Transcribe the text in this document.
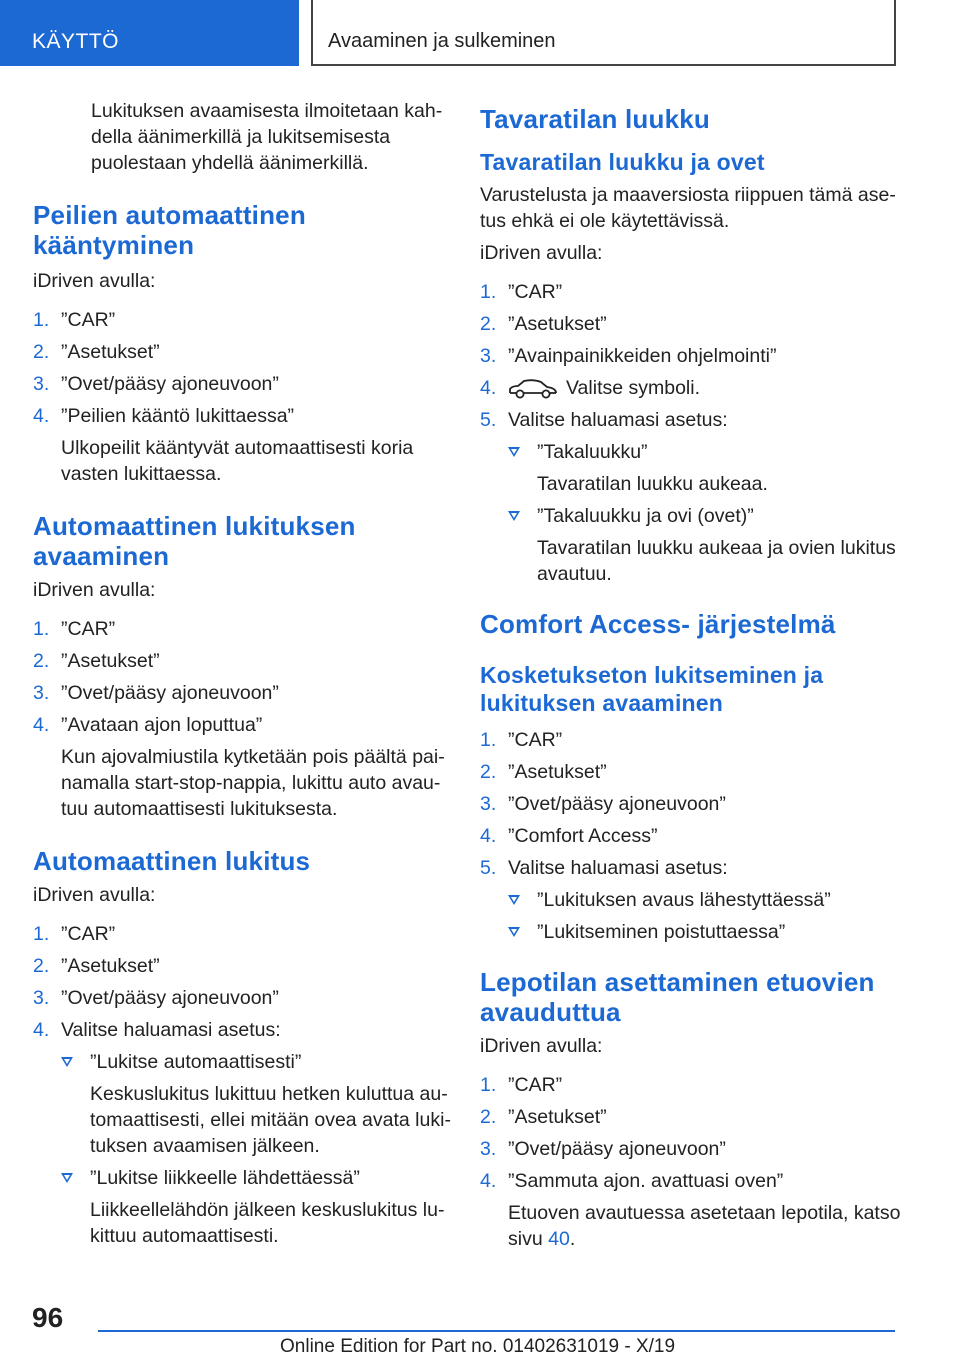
KÄYTTÖ	Avaaminen ja sulkeminen

Lukituksen avaamisesta ilmoitetaan kahdella äänimerkillä ja lukitsemisesta puolestaan yhdellä äänimerkillä.

Peilien automaattinen kääntyminen

iDriven avulla:

1. ”CAR”
2. ”Asetukset”
3. ”Ovet/pääsy ajoneuvoon”
4. ”Peilien kääntö lukittaessa”
Ulkopeilit kääntyvät automaattisesti koria vasten lukittaessa.
Automaattinen lukituksen avaaminen

iDriven avulla:

1. ”CAR”
2. ”Asetukset”
3. ”Ovet/pääsy ajoneuvoon”
4. ”Avataan ajon loputtua”
Kun ajovalmiustila kytketään pois päältä painamalla start-stop-nappia, lukittu auto avautuu automaattisesti lukituksesta.
Automaattinen lukitus

iDriven avulla:

1. ”CAR”
2. ”Asetukset”
3. ”Ovet/pääsy ajoneuvoon”
4. Valitse haluamasi asetus:
”Lukitse automaattisesti”
Keskuslukitus lukittuu hetken kuluttua automaattisesti, ellei mitään ovea avata lukituksen avaamisen jälkeen.
”Lukitse liikkeelle lähdettäessä”
Liikkeellelähdön jälkeen keskuslukitus lukittuu automaattisesti.
Tavaratilan luukku
Tavaratilan luukku ja ovet

Varustelusta ja maaversiosta riippuen tämä asetus ehkä ei ole käytettävissä.

iDriven avulla:

1. ”CAR”
2. ”Asetukset”
3. ”Avainpainikkeiden ohjelmointi”
4.	Valitse symboli.
5. Valitse haluamasi asetus:
”Takaluukku”
Tavaratilan luukku aukeaa.
”Takaluukku ja ovi (ovet)”
Tavaratilan luukku aukeaa ja ovien lukitus avautuu.
Comfort Access- järjestelmä
Kosketukseton lukitseminen ja lukituksen avaaminen
1. ”CAR”
2. ”Asetukset”
3. ”Ovet/pääsy ajoneuvoon”
4. ”Comfort Access”
5. Valitse haluamasi asetus:
”Lukituksen avaus lähestyttäessä”
”Lukitseminen poistuttaessa”
Lepotilan asettaminen etuovien avauduttua

iDriven avulla:

1. ”CAR”
2. ”Asetukset”
3. ”Ovet/pääsy ajoneuvoon”
4. ”Sammuta ajon. avattuasi oven”
Etuoven avautuessa asetetaan lepotila, katso sivu 40.
96
Online Edition for Part no. 01402631019 - X/19
